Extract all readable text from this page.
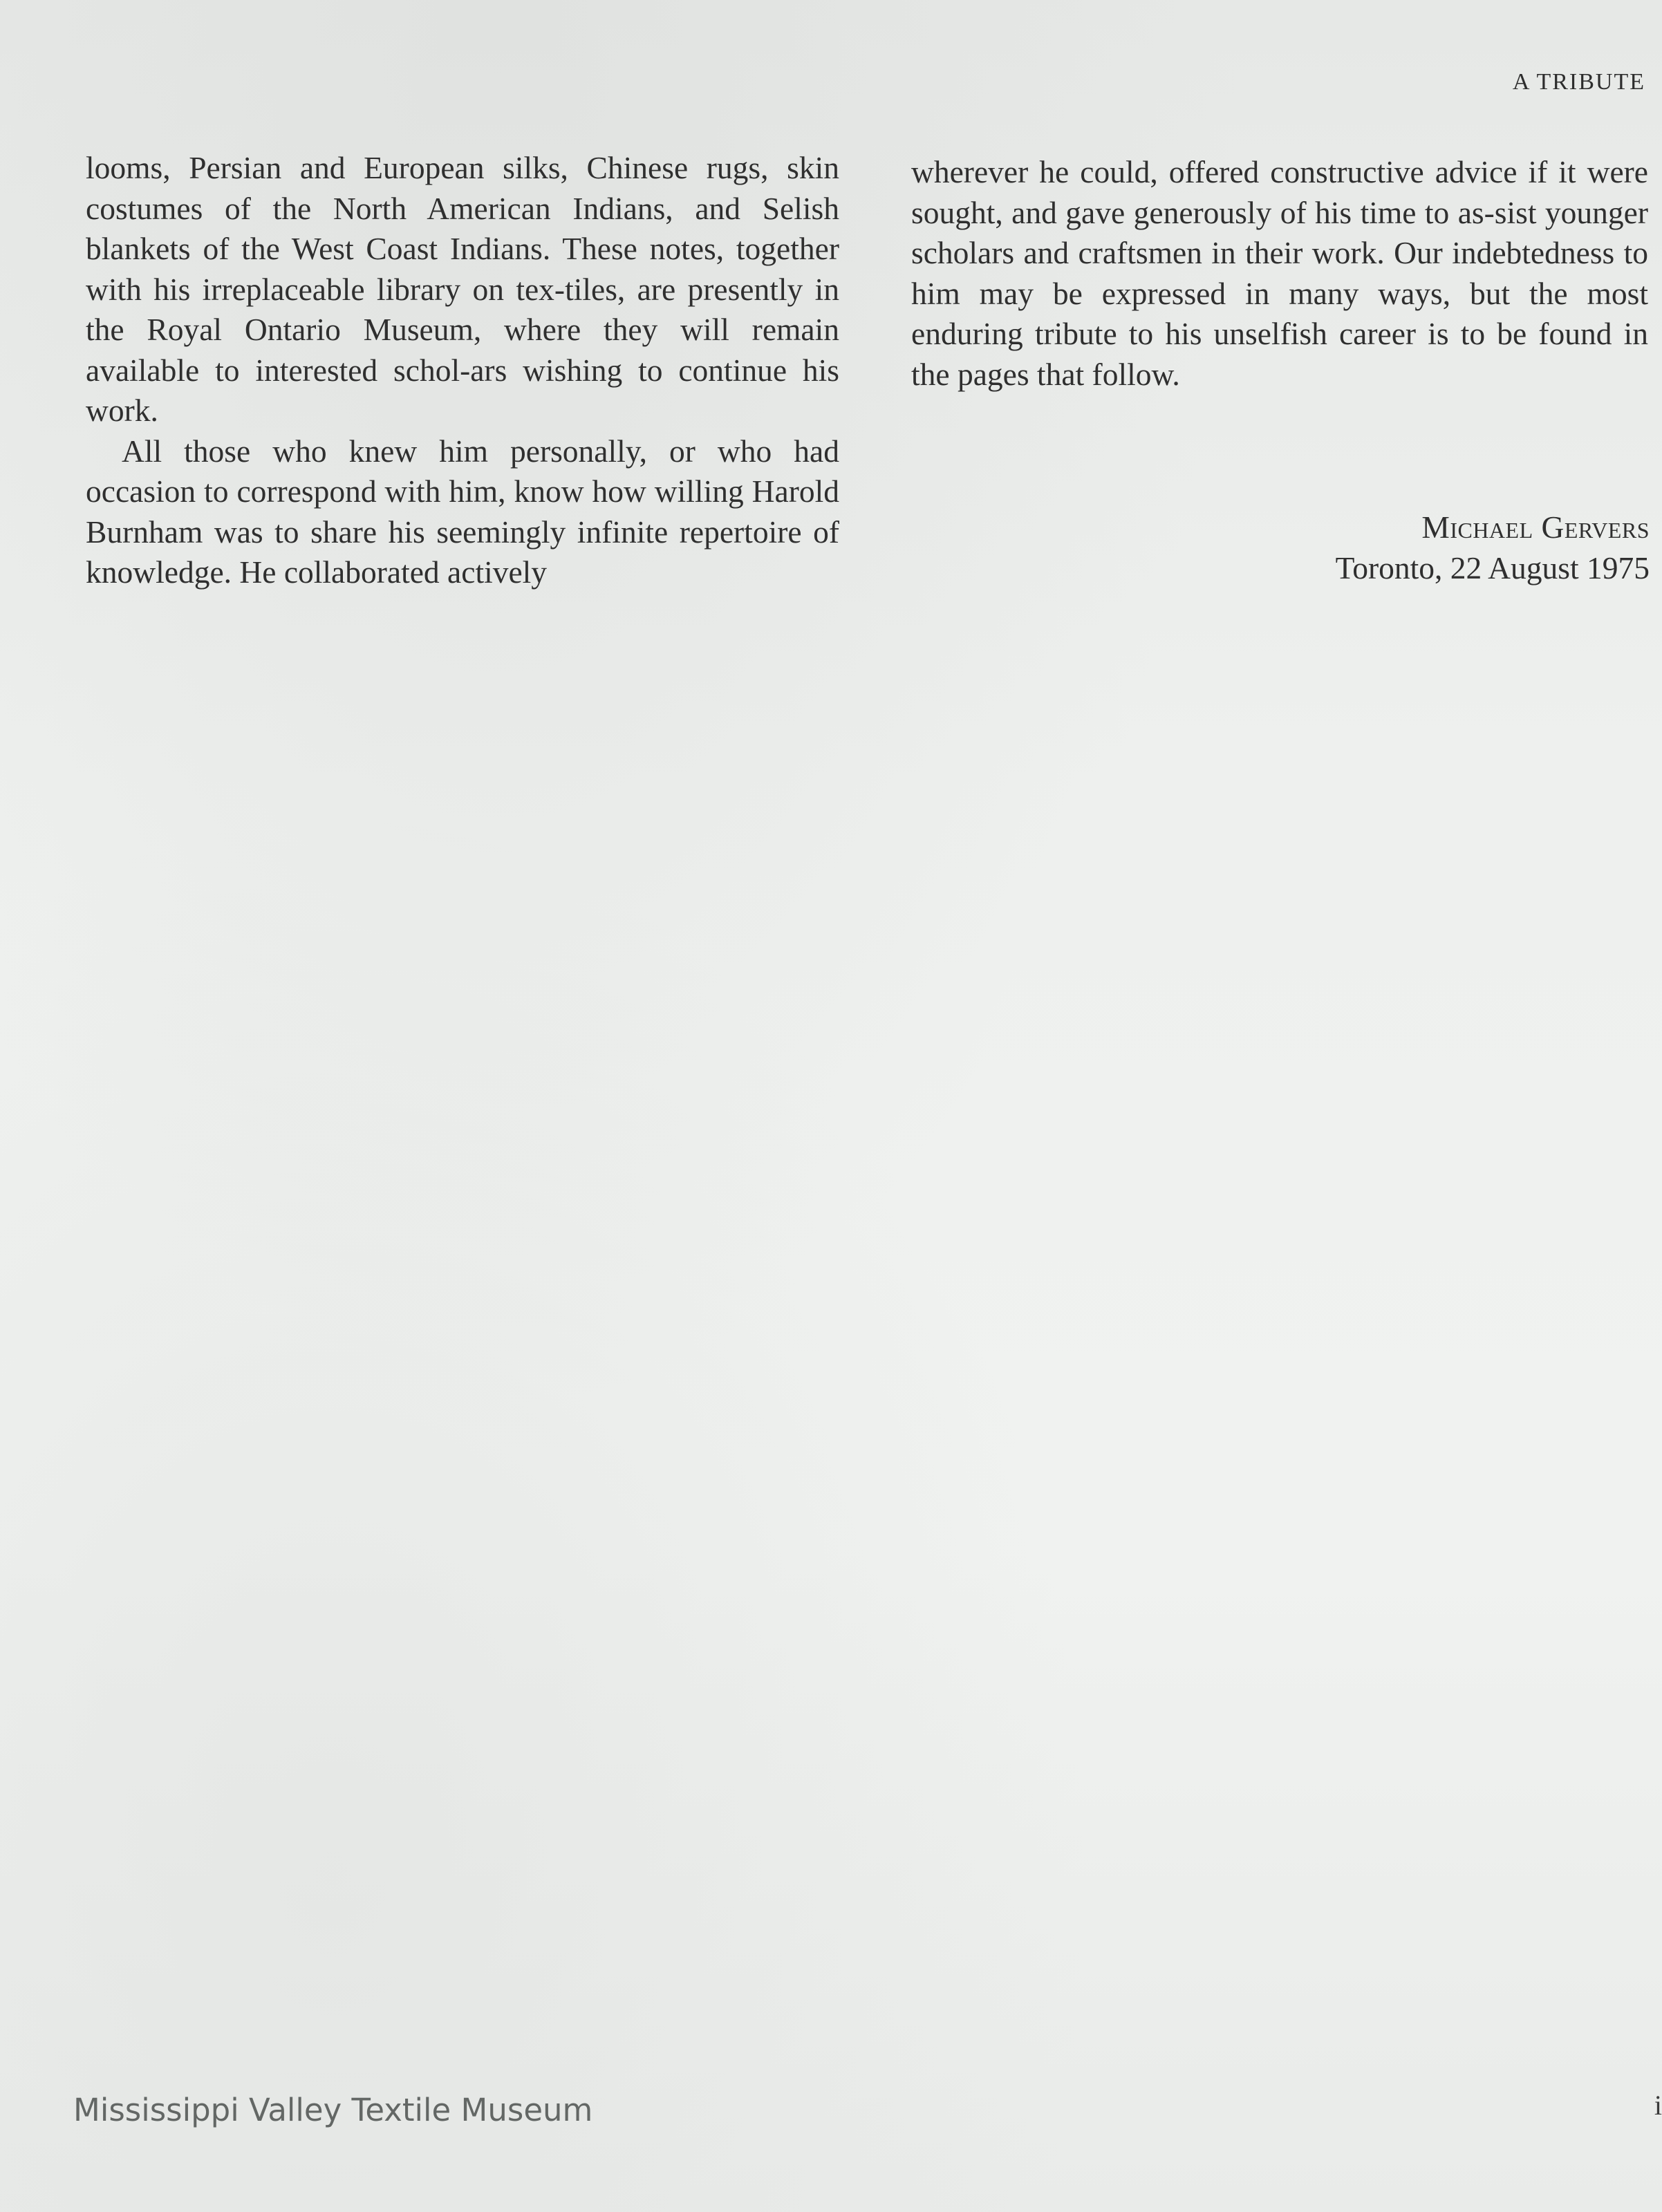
A TRIBUTE

looms, Persian and European silks, Chinese rugs, skin costumes of the North American Indians, and Selish blankets of the West Coast Indians. These notes, together with his irreplaceable library on tex-tiles, are presently in the Royal Ontario Museum, where they will remain available to interested schol-ars wishing to continue his work.

All those who knew him personally, or who had occasion to correspond with him, know how willing Harold Burnham was to share his seemingly infinite repertoire of knowledge. He collaborated actively

wherever he could, offered constructive advice if it were sought, and gave generously of his time to as-sist younger scholars and craftsmen in their work. Our indebtedness to him may be expressed in many ways, but the most enduring tribute to his unselfish career is to be found in the pages that follow.

Michael Gervers
Toronto, 22 August 1975
Mississippi Valley Textile Museum	i
